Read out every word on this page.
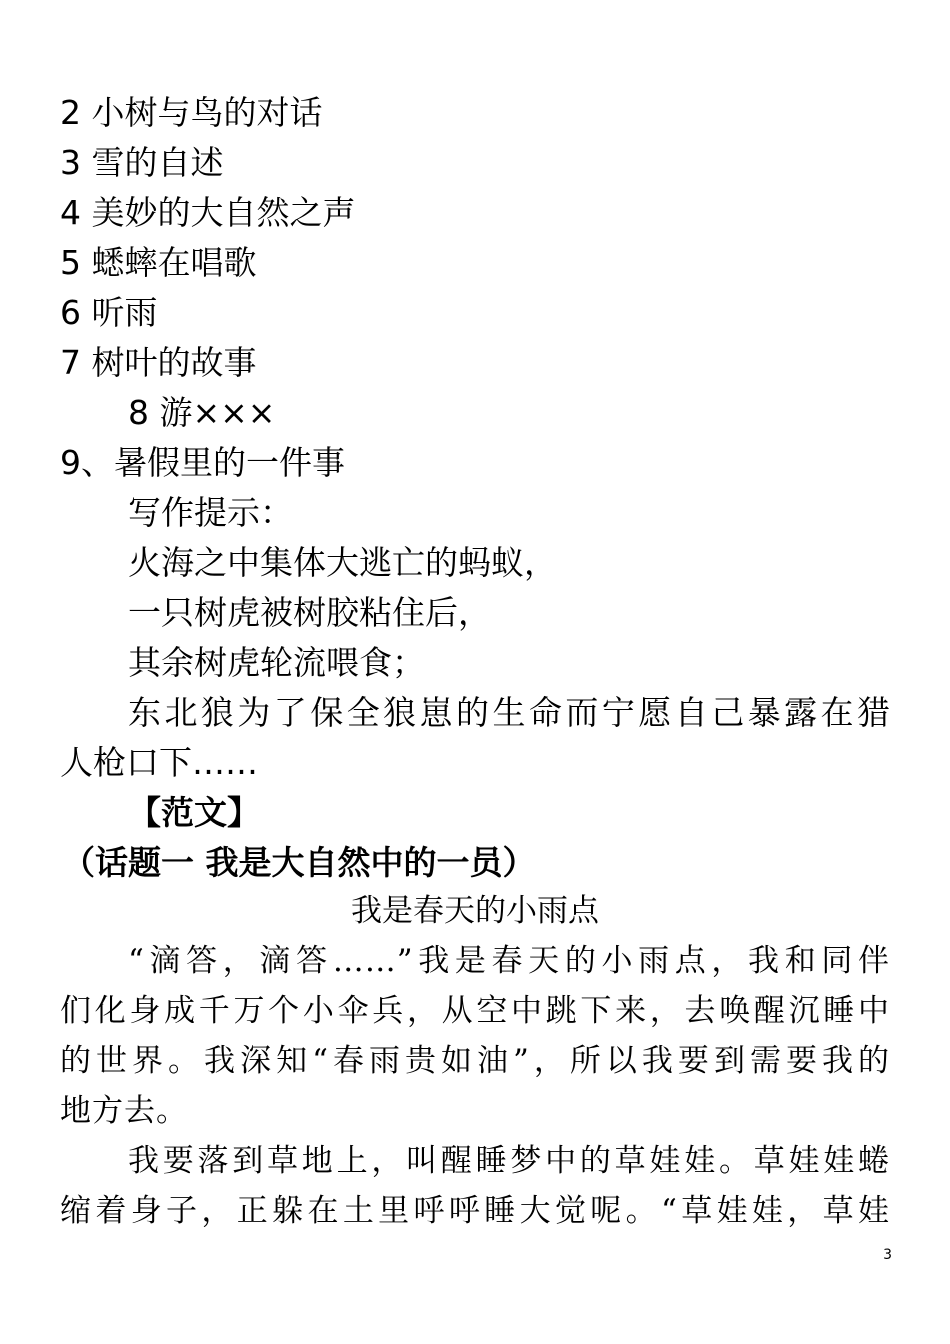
2 小树与鸟的对话
3 雪的自述
4 美妙的大自然之声
5 蟋蟀在唱歌
6 听雨
7 树叶的故事
8 游×××
9、暑假里的一件事
写作提示：
火海之中集体大逃亡的蚂蚁，
一只树虎被树胶粘住后，
其余树虎轮流喂食；
东北狼为了保全狼崽的生命而宁愿自己暴露在猎
人枪口下……
【范文】
（话题一 我是大自然中的一员）
我是春天的小雨点
“滴答，滴答……”我是春天的小雨点，我和同伴
们化身成千万个小伞兵，从空中跳下来，去唤醒沉睡中
的世界。我深知“春雨贵如油”，所以我要到需要我的
地方去。
我要落到草地上，叫醒睡梦中的草娃娃。草娃娃蜷
缩着身子，正躲在土里呼呼睡大觉呢。“草娃娃，草娃
3
